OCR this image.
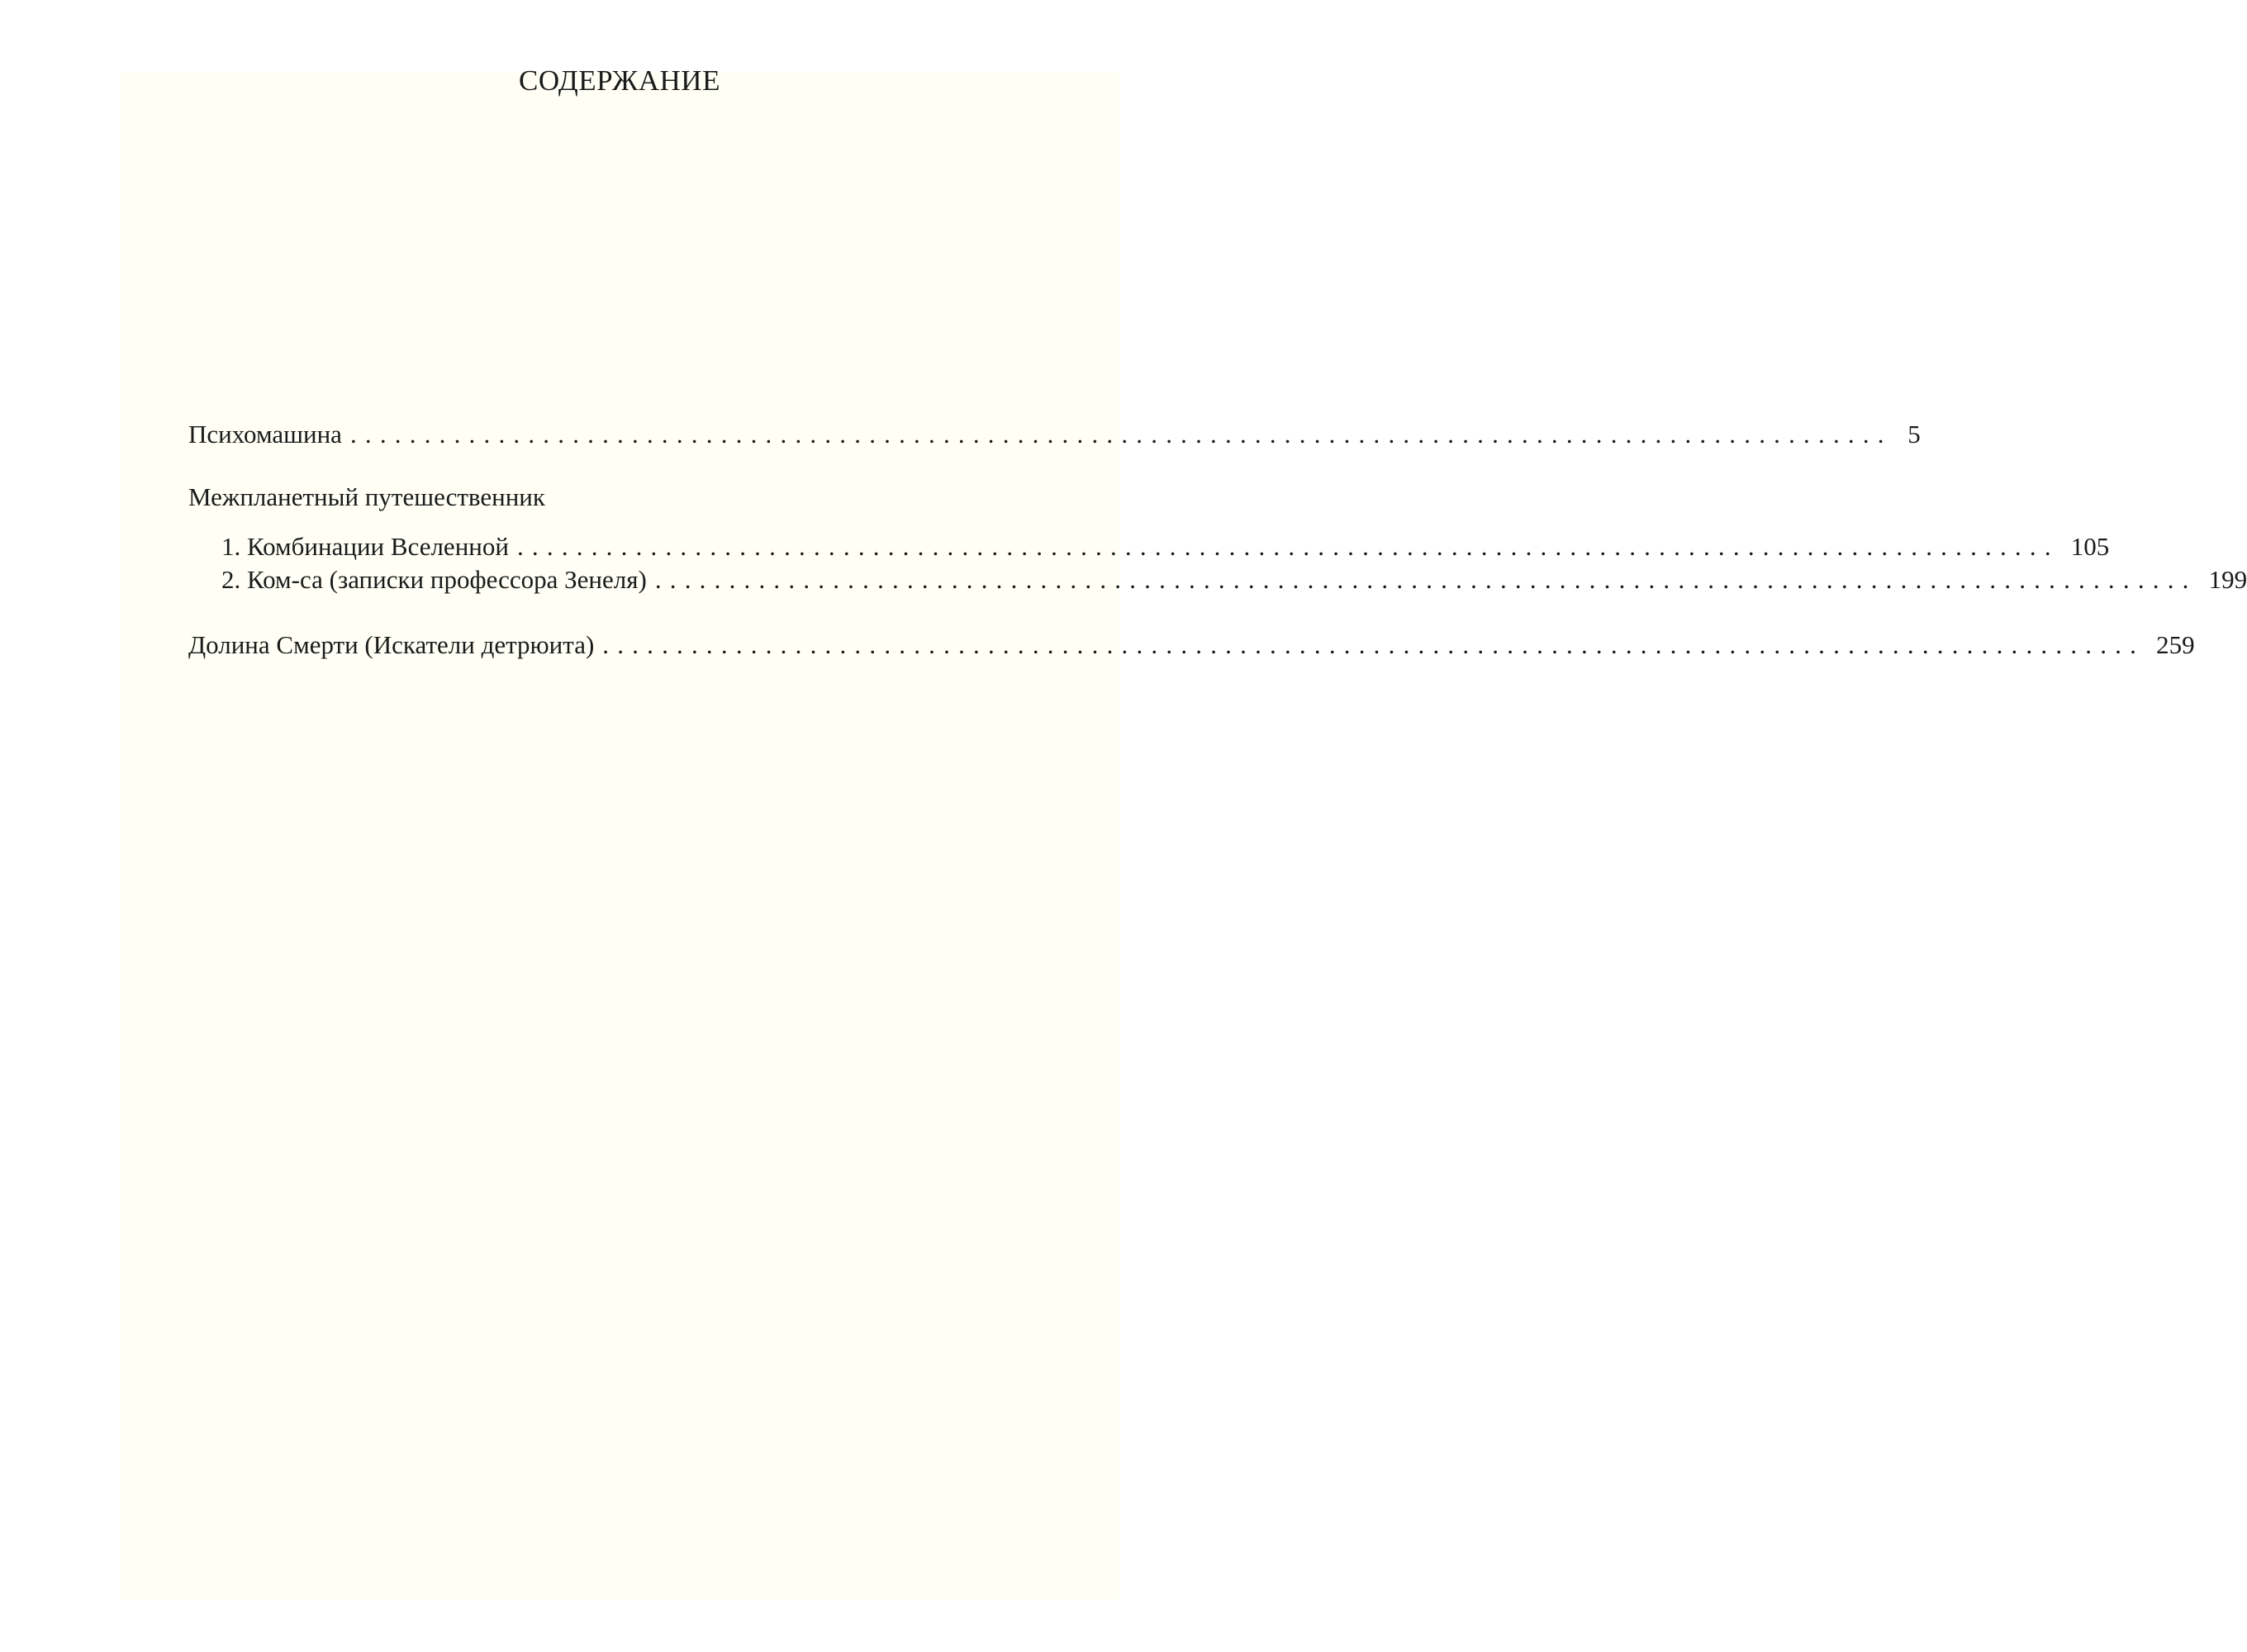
СОДЕРЖАНИЕ
Психомашина ........................................................................................................ 5
Межпланетный путешественник
1. Комбинации Вселенной ........................................................................................................ 105
2. Ком-са (записки профессора Зенеля) ........................................................................................................ 199
Долина Смерти (Искатели детрюита) ........................................................................................................ 259
